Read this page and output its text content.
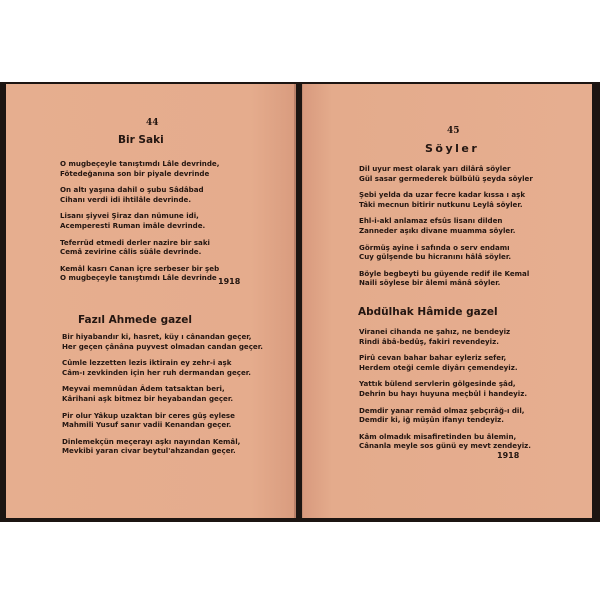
44
Bir Saki
O mugbeçeyle tanıştımdı Lâle devrinde,
Fötedeğanına son bir piyale devrinde
On altı yaşına dahil o şubu Sâdâbad
Cihanı verdi idi ihtilâle devrinde.
Lisanı şiyvei Şiraz dan nümune idi,
Acemperesti Ruman imâle devrinde.
Teferrüd etmedi derler nazire bir saki
Cemâ zevirine câlis süâle devrinde.
Kemâl kasrı Canan içre serbeser bir şeb
O mugbeçeyle tanıştımdı Lâle devrinde 1918
Fazıl Ahmede gazel
Bir hiyabandır ki, hasret, küy ı cânandan geçer,
Her geçen çânâna puyvest olmadan candan geçer.
Cûmle lezzetten lezis iktirain ey zehr-i aşk
Câm-ı zevkinden için her ruh dermandan geçer.
Meyvai memnûdan Âdem tatsaktan beri,
Kârihani aşk bitmez bir heyabandan geçer.
Pir olur Yâkup uzaktan bir ceres güş eylese
Mahmili Yusuf sanır vadii Kenandan geçer.
Dinlemekçün meçerayı aşkı nayından Kemâl,
Mevkibi yaran civar beytul'ahzandan geçer.
45
Söyler
Dil uyur mest olarak yarı dilârâ söyler
Gül sasar germederek bülbülü şeyda söyler
Şebi yelda da uzar fecre kadar kıssa ı aşk
Tâki mecnun bitirir nutkunu Leylâ söyler.
Ehl-i-akl anlamaz efsûs lisanı dilden
Zanneder aşıkı divane muamma söyler.
Görmüş ayine i safında o serv endamı
Cuy gülşende bu hicranını hâlâ söyler.
Böyle begbeyti bu güyende redif ile Kemal
Naili söylese bir âlemi mânâ söyler.
Abdülhak Hâmide gazel
Viranei cihanda ne şahız, ne bendeyiz
Rindi âbâ-bedûş, fakiri revendeyiz.
Pirû cevan bahar bahar eyleriz sefer,
Herdem oteği cemle diyârı çemendeyiz.
Yattık bülend servlerin gölgesinde şâd,
Dehrin bu hayı huyuna meçbûl i handeyiz.
Demdir yanar remâd olmaz şebçırâğ-ı dil,
Demdir ki, iğ müşûn ifanyı tendeyiz.
Kâm olmadık misafiretinden bu âlemin,
Cânanla meyle sos günü ey mevt zendeyiz.
1918
